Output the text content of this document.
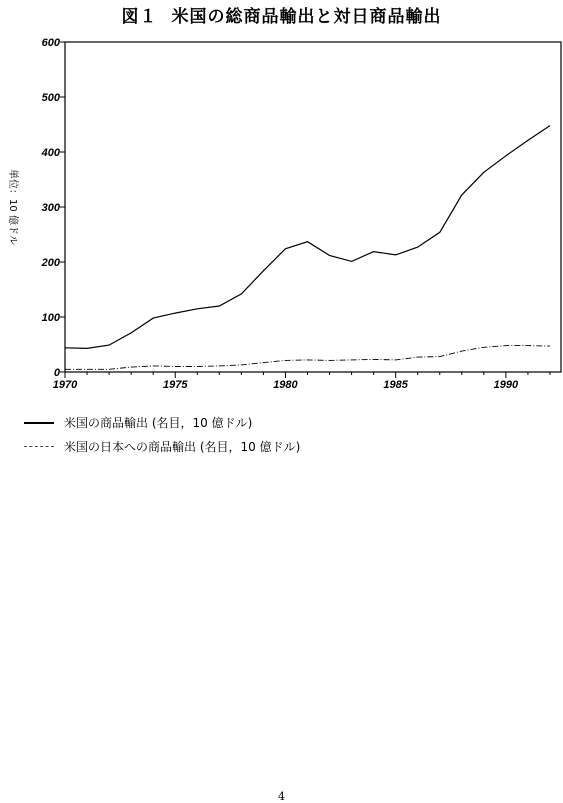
図１ 米国の総商品輸出と対日商品輸出
0
100
200
300
400
500
600
1970	1975	1980	1985	1990
単位：10 億ドル
米国の商品輸出 (名目，10 億ドル)
米国の日本への商品輸出 (名目，10 億ドル)
4
